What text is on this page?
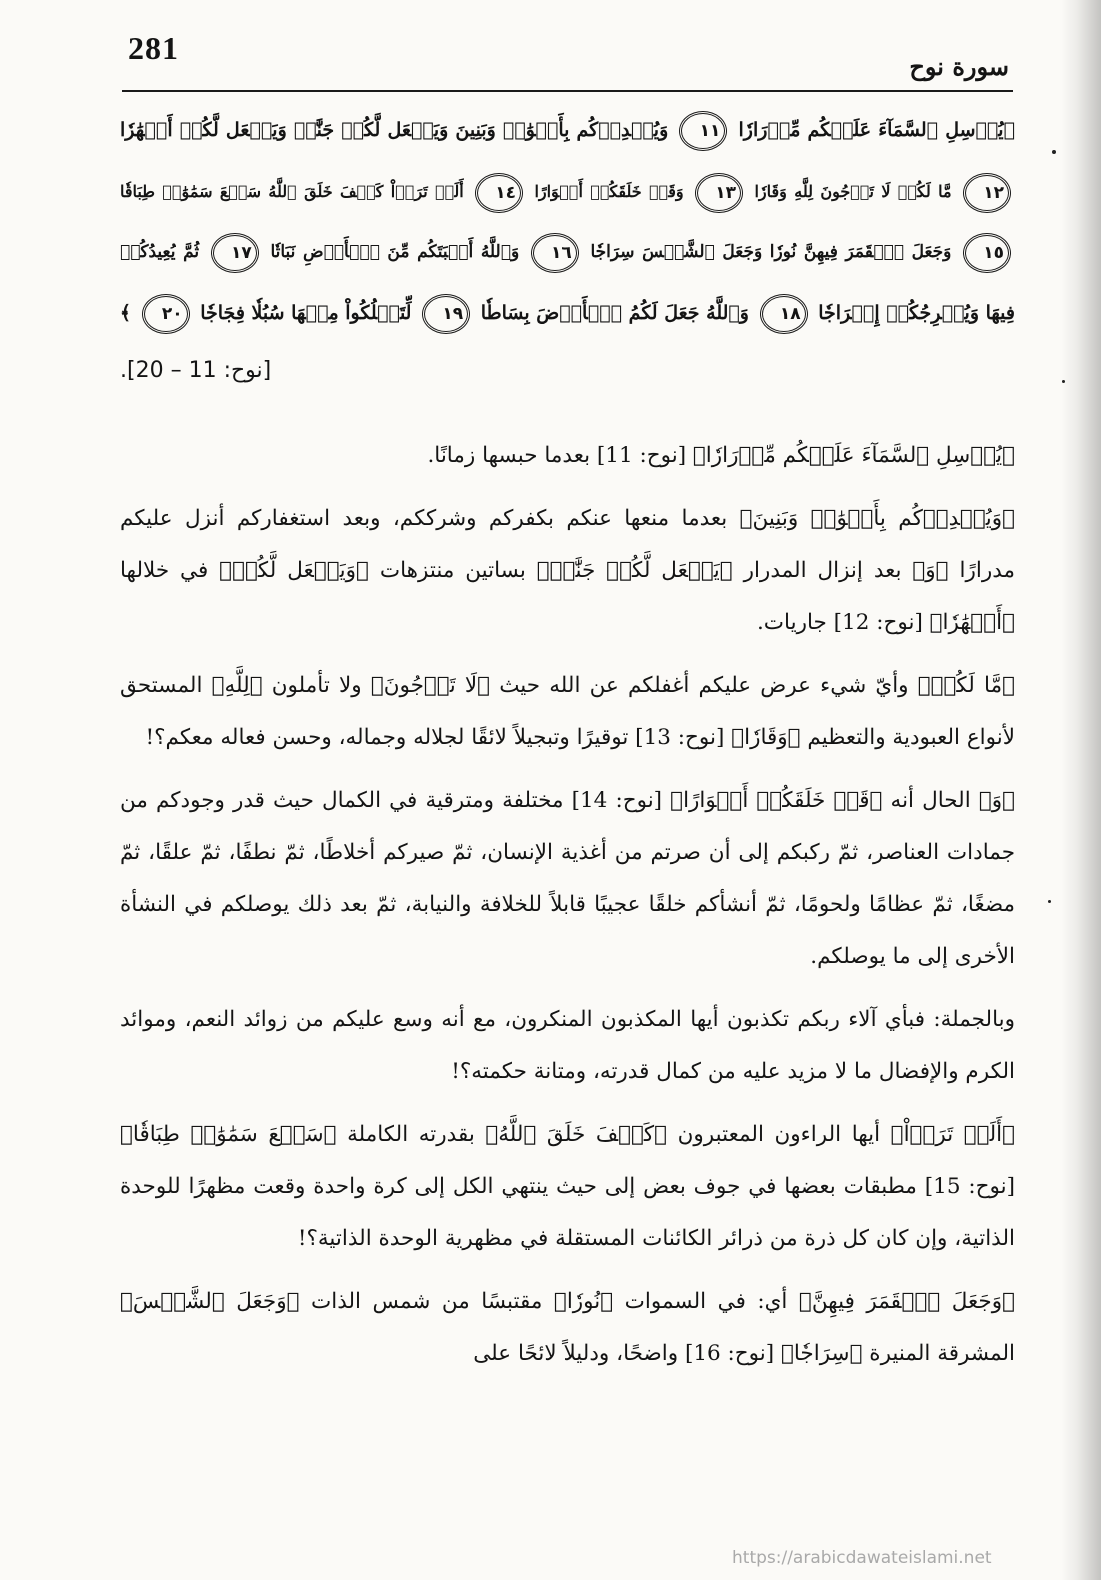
281
سورة نوح
﴿يُرۡسِلِ ٱلسَّمَآءَ عَلَيۡكُم مِّدۡرَارٗا ١١ وَيُمۡدِدۡكُم بِأَمۡوَٰلٖ وَبَنِينَ وَيَجۡعَل لَّكُمۡ جَنَّٰتٖ وَيَجۡعَل لَّكُمۡ أَنۡهَٰرٗا
١٢ مَّا لَكُمۡ لَا تَرۡجُونَ لِلَّهِ وَقَارٗا ١٣ وَقَدۡ خَلَقَكُمۡ أَطۡوَارًا ١٤ أَلَمۡ تَرَوۡاْ كَيۡفَ خَلَقَ ٱللَّهُ سَبۡعَ سَمَٰوَٰتٖ طِبَاقٗا
١٥ وَجَعَلَ ٱلۡقَمَرَ فِيهِنَّ نُورٗا وَجَعَلَ ٱلشَّمۡسَ سِرَاجٗا ١٦ وَٱللَّهُ أَنۢبَتَكُم مِّنَ ٱلۡأَرۡضِ نَبَاتٗا ١٧ ثُمَّ يُعِيدُكُمۡ
فِيهَا وَيُخۡرِجُكُمۡ إِخۡرَاجٗا ١٨ وَٱللَّهُ جَعَلَ لَكُمُ ٱلۡأَرۡضَ بِسَاطٗا ١٩ لِّتَسۡلُكُواْ مِنۡهَا سُبُلٗا فِجَاجٗا ٢٠ ﴾
[نوح: 11 – 20].

﴿يُرۡسِلِ ٱلسَّمَآءَ عَلَيۡكُم مِّدۡرَارٗا﴾ [نوح: 11] بعدما حبسها زمانًا.

﴿وَيُمۡدِدۡكُم بِأَمۡوَٰلٖ وَبَنِينَ﴾ بعدما منعها عنكم بكفركم وشرككم، وبعد استغفاركم أنزل عليكم مدرارًا ﴿وَ﴾ بعد إنزال المدرار ﴿يَجۡعَل لَّكُمۡ جَنَّٰتٖ﴾ بساتين منتزهات ﴿وَيَجۡعَل لَّكُمۡ﴾ في خلالها ﴿أَنۡهَٰرٗا﴾ [نوح: 12] جاريات.

﴿مَّا لَكُمۡ﴾ وأيّ شيء عرض عليكم أغفلكم عن الله حيث ﴿لَا تَرۡجُونَ﴾ ولا تأملون ﴿لِلَّهِ﴾ المستحق لأنواع العبودية والتعظيم ﴿وَقَارٗا﴾ [نوح: 13] توقيرًا وتبجيلاً لائقًا لجلاله وجماله، وحسن فعاله معكم؟!

﴿وَ﴾ الحال أنه ﴿قَدۡ خَلَقَكُمۡ أَطۡوَارًا﴾ [نوح: 14] مختلفة ومترقية في الكمال حيث قدر وجودكم من جمادات العناصر، ثمّ ركبكم إلى أن صرتم من أغذية الإنسان، ثمّ صيركم أخلاطًا، ثمّ نطفًا، ثمّ علقًا، ثمّ مضغًا، ثمّ عظامًا ولحومًا، ثمّ أنشأكم خلقًا عجيبًا قابلاً للخلافة والنيابة، ثمّ بعد ذلك يوصلكم في النشأة الأخرى إلى ما يوصلكم.

وبالجملة: فبأي آلاء ربكم تكذبون أيها المكذبون المنكرون، مع أنه وسع عليكم من زوائد النعم، وموائد الكرم والإفضال ما لا مزيد عليه من كمال قدرته، ومتانة حكمته؟!

﴿أَلَمۡ تَرَوۡاْ﴾ أيها الراءون المعتبرون ﴿كَيۡفَ خَلَقَ ٱللَّهُ﴾ بقدرته الكاملة ﴿سَبۡعَ سَمَٰوَٰتٖ طِبَاقٗا﴾ [نوح: 15] مطبقات بعضها في جوف بعض إلى حيث ينتهي الكل إلى كرة واحدة وقعت مظهرًا للوحدة الذاتية، وإن كان كل ذرة من ذرائر الكائنات المستقلة في مظهرية الوحدة الذاتية؟!

﴿وَجَعَلَ ٱلۡقَمَرَ فِيهِنَّ﴾ أي: في السموات ﴿نُورٗا﴾ مقتبسًا من شمس الذات ﴿وَجَعَلَ ٱلشَّمۡسَ﴾ المشرقة المنيرة ﴿سِرَاجٗا﴾ [نوح: 16] واضحًا، ودليلاً لائحًا على

https://arabicdawateislami.net
